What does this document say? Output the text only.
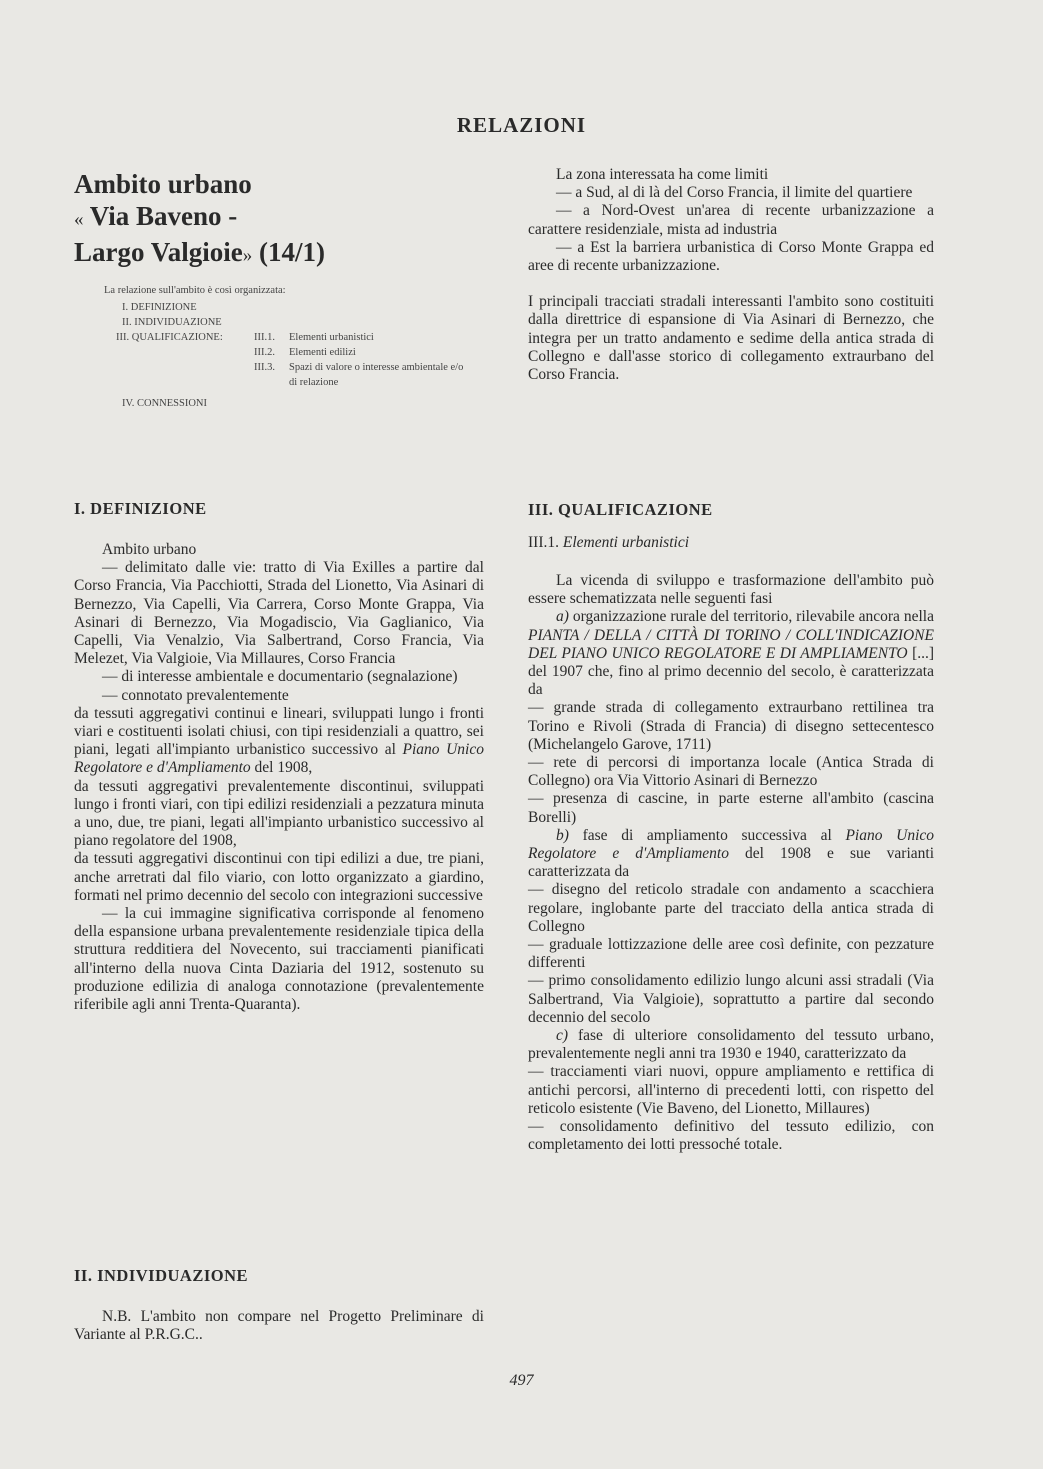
RELAZIONI
Ambito urbano
« Via Baveno -
Largo Valgioie» (14/1)
La relazione sull'ambito è così organizzata:
I. DEFINIZIONE
II. INDIVIDUAZIONE
III. QUALIFICAZIONE:	III.1.	Elementi urbanistici
III.2.	Elementi edilizi
III.3.	Spazi di valore o interesse ambientale e/o di relazione
IV. CONNESSIONI
I. DEFINIZIONE

Ambito urbano

— delimitato dalle vie: tratto di Via Exilles a partire dal Corso Francia, Via Pacchiotti, Strada del Lionetto, Via Asinari di Bernezzo, Via Capelli, Via Carrera, Corso Monte Grappa, Via Asinari di Bernezzo, Via Mogadiscio, Via Gaglianico, Via Capelli, Via Venalzio, Via Salbertrand, Corso Francia, Via Melezet, Via Valgioie, Via Millaures, Corso Francia

— di interesse ambientale e documentario (segnalazione)

— connotato prevalentemente

da tessuti aggregativi continui e lineari, sviluppati lungo i fronti viari e costituenti isolati chiusi, con tipi residenziali a quattro, sei piani, legati all'impianto urbanistico successivo al Piano Unico Regolatore e d'Ampliamento del 1908,

da tessuti aggregativi prevalentemente discontinui, sviluppati lungo i fronti viari, con tipi edilizi residenziali a pezzatura minuta a uno, due, tre piani, legati all'impianto urbanistico successivo al piano regolatore del 1908,

da tessuti aggregativi discontinui con tipi edilizi a due, tre piani, anche arretrati dal filo viario, con lotto organizzato a giardino, formati nel primo decennio del secolo con integrazioni successive

— la cui immagine significativa corrisponde al fenomeno della espansione urbana prevalentemente residenziale tipica della struttura redditiera del Novecento, sui tracciamenti pianificati all'interno della nuova Cinta Daziaria del 1912, sostenuto su produzione edilizia di analoga connotazione (prevalentemente riferibile agli anni Trenta-Quaranta).

II. INDIVIDUAZIONE

N.B. L'ambito non compare nel Progetto Preliminare di Variante al P.R.G.C..

La zona interessata ha come limiti

— a Sud, al di là del Corso Francia, il limite del quartiere

— a Nord-Ovest un'area di recente urbanizzazione a carattere residenziale, mista ad industria

— a Est la barriera urbanistica di Corso Monte Grappa ed aree di recente urbanizzazione.

I principali tracciati stradali interessanti l'ambito sono costituiti dalla direttrice di espansione di Via Asinari di Bernezzo, che integra per un tratto andamento e sedime della antica strada di Collegno e dall'asse storico di collegamento extraurbano del Corso Francia.

III. QUALIFICAZIONE
III.1. Elementi urbanistici

La vicenda di sviluppo e trasformazione dell'ambito può essere schematizzata nelle seguenti fasi

a) organizzazione rurale del territorio, rilevabile ancora nella PIANTA / DELLA / CITTÀ DI TORINO / COLL'INDICAZIONE DEL PIANO UNICO REGOLATORE E DI AMPLIAMENTO [...] del 1907 che, fino al primo decennio del secolo, è caratterizzata da

— grande strada di collegamento extraurbano rettilinea tra Torino e Rivoli (Strada di Francia) di disegno settecentesco (Michelangelo Garove, 1711)

— rete di percorsi di importanza locale (Antica Strada di Collegno) ora Via Vittorio Asinari di Bernezzo

— presenza di cascine, in parte esterne all'ambito (cascina Borelli)

b) fase di ampliamento successiva al Piano Unico Regolatore e d'Ampliamento del 1908 e sue varianti caratterizzata da

— disegno del reticolo stradale con andamento a scacchiera regolare, inglobante parte del tracciato della antica strada di Collegno

— graduale lottizzazione delle aree così definite, con pezzature differenti

— primo consolidamento edilizio lungo alcuni assi stradali (Via Salbertrand, Via Valgioie), soprattutto a partire dal secondo decennio del secolo

c) fase di ulteriore consolidamento del tessuto urbano, prevalentemente negli anni tra 1930 e 1940, caratterizzato da

— tracciamenti viari nuovi, oppure ampliamento e rettifica di antichi percorsi, all'interno di precedenti lotti, con rispetto del reticolo esistente (Vie Baveno, del Lionetto, Millaures)

— consolidamento definitivo del tessuto edilizio, con completamento dei lotti pressoché totale.

497
